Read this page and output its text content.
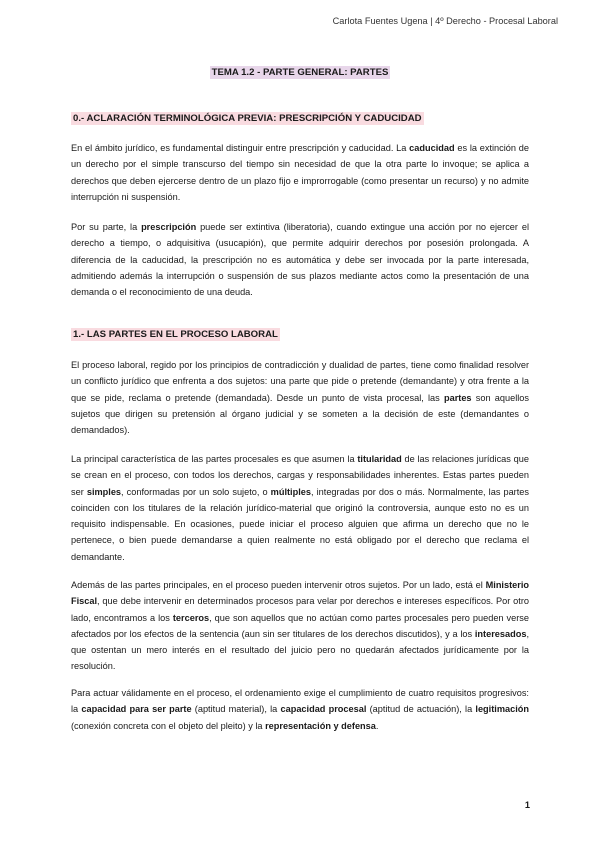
Carlota Fuentes Ugena | 4º Derecho - Procesal Laboral
TEMA 1.2 - PARTE GENERAL: PARTES
0.- ACLARACIÓN TERMINOLÓGICA PREVIA: PRESCRIPCIÓN Y CADUCIDAD
En el ámbito jurídico, es fundamental distinguir entre prescripción y caducidad. La caducidad es la extinción de un derecho por el simple transcurso del tiempo sin necesidad de que la otra parte lo invoque; se aplica a derechos que deben ejercerse dentro de un plazo fijo e improrrogable (como presentar un recurso) y no admite interrupción ni suspensión.
Por su parte, la prescripción puede ser extintiva (liberatoria), cuando extingue una acción por no ejercer el derecho a tiempo, o adquisitiva (usucapión), que permite adquirir derechos por posesión prolongada. A diferencia de la caducidad, la prescripción no es automática y debe ser invocada por la parte interesada, admitiendo además la interrupción o suspensión de sus plazos mediante actos como la presentación de una demanda o el reconocimiento de una deuda.
1.- LAS PARTES EN EL PROCESO LABORAL
El proceso laboral, regido por los principios de contradicción y dualidad de partes, tiene como finalidad resolver un conflicto jurídico que enfrenta a dos sujetos: una parte que pide o pretende (demandante) y otra frente a la que se pide, reclama o pretende (demandada). Desde un punto de vista procesal, las partes son aquellos sujetos que dirigen su pretensión al órgano judicial y se someten a la decisión de este (demandantes o demandados).
La principal característica de las partes procesales es que asumen la titularidad de las relaciones jurídicas que se crean en el proceso, con todos los derechos, cargas y responsabilidades inherentes. Estas partes pueden ser simples, conformadas por un solo sujeto, o múltiples, integradas por dos o más. Normalmente, las partes coinciden con los titulares de la relación jurídico-material que originó la controversia, aunque esto no es un requisito indispensable. En ocasiones, puede iniciar el proceso alguien que afirma un derecho que no le pertenece, o bien puede demandarse a quien realmente no está obligado por el derecho que reclama el demandante.
Además de las partes principales, en el proceso pueden intervenir otros sujetos. Por un lado, está el Ministerio Fiscal, que debe intervenir en determinados procesos para velar por derechos e intereses específicos. Por otro lado, encontramos a los terceros, que son aquellos que no actúan como partes procesales pero pueden verse afectados por los efectos de la sentencia (aun sin ser titulares de los derechos discutidos), y a los interesados, que ostentan un mero interés en el resultado del juicio pero no quedarán afectados jurídicamente por la resolución.
Para actuar válidamente en el proceso, el ordenamiento exige el cumplimiento de cuatro requisitos progresivos: la capacidad para ser parte (aptitud material), la capacidad procesal (aptitud de actuación), la legitimación (conexión concreta con el objeto del pleito) y la representación y defensa.
1
